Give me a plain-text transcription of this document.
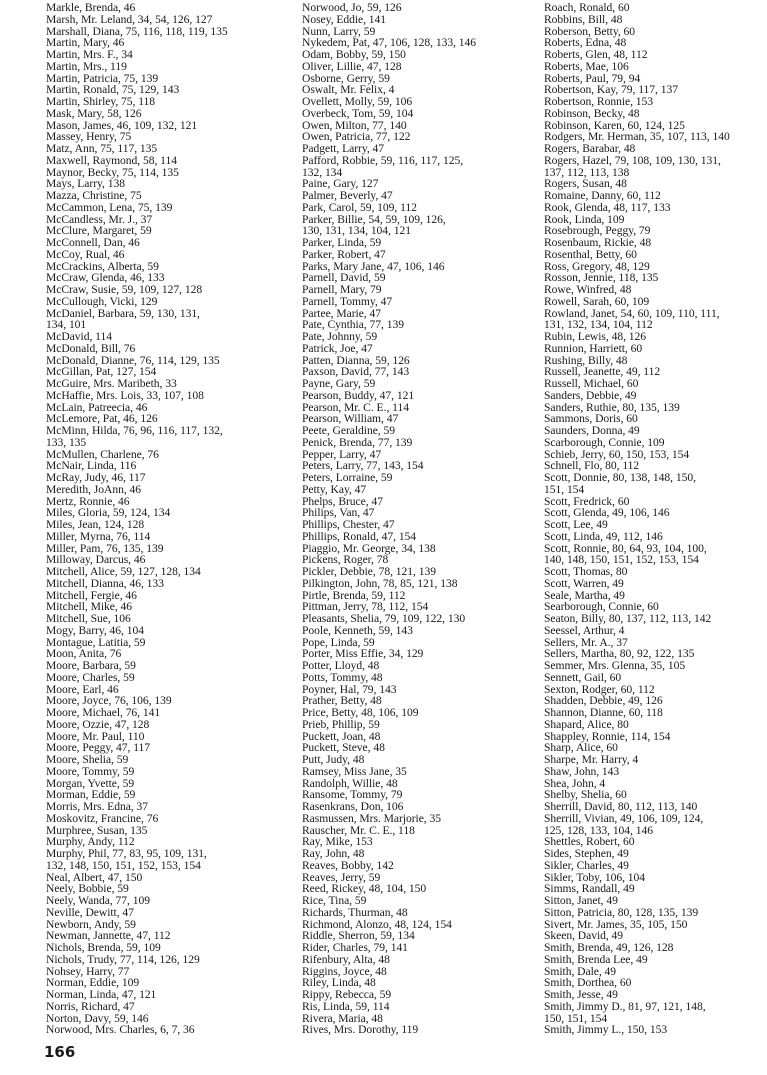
Markle, Brenda, 46
Marsh, Mr. Leland, 34, 54, 126, 127
Marshall, Diana, 75, 116, 118, 119, 135
Martin, Mary, 46
Martin, Mrs. F., 34
Martin, Mrs., 119
Martin, Patricia, 75, 139
Martin, Ronald, 75, 129, 143
Martin, Shirley, 75, 118
Mask, Mary, 58, 126
Mason, James, 46, 109, 132, 121
Massey, Henry, 75
Matz, Ann, 75, 117, 135
Maxwell, Raymond, 58, 114
Maynor, Becky, 75, 114, 135
Mays, Larry, 138
Mazza, Christine, 75
McCammon, Lena, 75, 139
McCandless, Mr. J., 37
McClure, Margaret, 59
McConnell, Dan, 46
McCoy, Rual, 46
McCrackins, Alberta, 59
McCraw, Glenda, 46, 133
McCraw, Susie, 59, 109, 127, 128
McCullough, Vicki, 129
McDaniel, Barbara, 59, 130, 131,
134, 101
McDavid, 114
McDonald, Bill, 76
McDonald, Dianne, 76, 114, 129, 135
McGillan, Pat, 127, 154
McGuire, Mrs. Maribeth, 33
McHaffie, Mrs. Lois, 33, 107, 108
McLain, Patreecia, 46
McLemore, Pat, 46, 126
McMinn, Hilda, 76, 96, 116, 117, 132,
133, 135
McMullen, Charlene, 76
McNair, Linda, 116
McRay, Judy, 46, 117
Meredith, JoAnn, 46
Mertz, Ronnie, 46
Miles, Gloria, 59, 124, 134
Miles, Jean, 124, 128
Miller, Myrna, 76, 114
Miller, Pam, 76, 135, 139
Milloway, Darcus, 46
Mitchell, Alice, 59, 127, 128, 134
Mitchell, Dianna, 46, 133
Mitchell, Fergie, 46
Mitchell, Mike, 46
Mitchell, Sue, 106
Mogy, Barry, 46, 104
Montague, Latitia, 59
Moon, Anita, 76
Moore, Barbara, 59
Moore, Charles, 59
Moore, Earl, 46
Moore, Joyce, 76, 106, 139
Moore, Michael, 76, 141
Moore, Ozzie, 47, 128
Moore, Mr. Paul, 110
Moore, Peggy, 47, 117
Moore, Shelia, 59
Moore, Tommy, 59
Morgan, Yvette, 59
Morman, Eddie, 59
Morris, Mrs. Edna, 37
Moskovitz, Francine, 76
Murphree, Susan, 135
Murphy, Andy, 112
Murphy, Phil, 77, 83, 95, 109, 131,
132, 148, 150, 151, 152, 153, 154
Neal, Albert, 47, 150
Neely, Bobbie, 59
Neely, Wanda, 77, 109
Neville, Dewitt, 47
Newborn, Andy, 59
Newman, Jannette, 47, 112
Nichols, Brenda, 59, 109
Nichols, Trudy, 77, 114, 126, 129
Nohsey, Harry, 77
Norman, Eddie, 109
Norman, Linda, 47, 121
Norris, Richard, 47
Norton, Davy, 59, 146
Norwood, Mrs. Charles, 6, 7, 36
Norwood, Jo, 59, 126
Nosey, Eddie, 141
Nunn, Larry, 59
Nykedem, Pat, 47, 106, 128, 133, 146
Odam, Bobby, 59, 150
Oliver, Lillie, 47, 128
Osborne, Gerry, 59
Oswalt, Mr. Felix, 4
Ovellett, Molly, 59, 106
Overbeck, Tom, 59, 104
Owen, Milton, 77, 140
Owen, Patricia, 77, 122
Padgett, Larry, 47
Pafford, Robbie, 59, 116, 117, 125,
132, 134
Paine, Gary, 127
Palmer, Beverly, 47
Park, Carol, 59, 109, 112
Parker, Billie, 54, 59, 109, 126,
130, 131, 134, 104, 121
Parker, Linda, 59
Parker, Robert, 47
Parks, Mary Jane, 47, 106, 146
Parnell, David, 59
Parnell, Mary, 79
Parnell, Tommy, 47
Partee, Marie, 47
Pate, Cynthia, 77, 139
Pate, Johnny, 59
Patrick, Joe, 47
Patten, Dianna, 59, 126
Paxson, David, 77, 143
Payne, Gary, 59
Pearson, Buddy, 47, 121
Pearson, Mr. C. E., 114
Pearson, William, 47
Peete, Geraldine, 59
Penick, Brenda, 77, 139
Pepper, Larry, 47
Peters, Larry, 77, 143, 154
Peters, Lorraine, 59
Petty, Kay, 47
Phelps, Bruce, 47
Philips, Van, 47
Phillips, Chester, 47
Phillips, Ronald, 47, 154
Piaggio, Mr. George, 34, 138
Pickens, Roger, 78
Pickler, Debbie, 78, 121, 139
Pilkington, John, 78, 85, 121, 138
Pirtle, Brenda, 59, 112
Pittman, Jerry, 78, 112, 154
Pleasants, Shelia, 79, 109, 122, 130
Poole, Kenneth, 59, 143
Pope, Linda, 59
Porter, Miss Effie, 34, 129
Potter, Lloyd, 48
Potts, Tommy, 48
Poyner, Hal, 79, 143
Prather, Betty, 48
Price, Betty, 48, 106, 109
Prieb, Phillip, 59
Puckett, Joan, 48
Puckett, Steve, 48
Putt, Judy, 48
Ramsey, Miss Jane, 35
Randolph, Willie, 48
Ransome, Tommy, 79
Rasenkrans, Don, 106
Rasmussen, Mrs. Marjorie, 35
Rauscher, Mr. C. E., 118
Ray, Mike, 153
Ray, John, 48
Reaves, Bobby, 142
Reaves, Jerry, 59
Reed, Rickey, 48, 104, 150
Rice, Tina, 59
Richards, Thurman, 48
Richmond, Alonzo, 48, 124, 154
Riddle, Sherron, 59, 134
Rider, Charles, 79, 141
Rifenbury, Alta, 48
Riggins, Joyce, 48
Riley, Linda, 48
Rippy, Rebecca, 59
Ris, Linda, 59, 114
Rivera, Maria, 48
Rives, Mrs. Dorothy, 119
Roach, Ronald, 60
Robbins, Bill, 48
Roberson, Betty, 60
Roberts, Edna, 48
Roberts, Glen, 48, 112
Roberts, Mae, 106
Roberts, Paul, 79, 94
Robertson, Kay, 79, 117, 137
Robertson, Ronnie, 153
Robinson, Becky, 48
Robinson, Karen, 60, 124, 125
Rodgers, Mr. Herman, 35, 107, 113, 140
Rogers, Barabar, 48
Rogers, Hazel, 79, 108, 109, 130, 131,
137, 112, 113, 138
Rogers, Susan, 48
Romaine, Danny, 60, 112
Rook, Glenda, 48, 117, 133
Rook, Linda, 109
Rosebrough, Peggy, 79
Rosenbaum, Rickie, 48
Rosenthal, Betty, 60
Ross, Gregory, 48, 129
Rosson, Jennie, 118, 135
Rowe, Winfred, 48
Rowell, Sarah, 60, 109
Rowland, Janet, 54, 60, 109, 110, 111,
131, 132, 134, 104, 112
Rubin, Lewis, 48, 126
Runnion, Harriett, 60
Rushing, Billy, 48
Russell, Jeanette, 49, 112
Russell, Michael, 60
Sanders, Debbie, 49
Sanders, Ruthie, 80, 135, 139
Sammons, Doris, 60
Saunders, Donna, 49
Scarborough, Connie, 109
Schieb, Jerry, 60, 150, 153, 154
Schnell, Flo, 80, 112
Scott, Donnie, 80, 138, 148, 150,
151, 154
Scott, Fredrick, 60
Scott, Glenda, 49, 106, 146
Scott, Lee, 49
Scott, Linda, 49, 112, 146
Scott, Ronnie, 80, 64, 93, 104, 100,
140, 148, 150, 151, 152, 153, 154
Scott, Thomas, 80
Scott, Warren, 49
Seale, Martha, 49
Searborough, Connie, 60
Seaton, Billy, 80, 137, 112, 113, 142
Seessel, Arthur, 4
Sellers, Mr. A., 37
Sellers, Martha, 80, 92, 122, 135
Semmer, Mrs. Glenna, 35, 105
Sennett, Gail, 60
Sexton, Rodger, 60, 112
Shadden, Debbie, 49, 126
Shannon, Dianne, 60, 118
Shapard, Alice, 80
Shappley, Ronnie, 114, 154
Sharp, Alice, 60
Sharpe, Mr. Harry, 4
Shaw, John, 143
Shea, John, 4
Shelby, Shelia, 60
Sherrill, David, 80, 112, 113, 140
Sherrill, Vivian, 49, 106, 109, 124,
125, 128, 133, 104, 146
Shettles, Robert, 60
Sides, Stephen, 49
Sikler, Charles, 49
Sikler, Toby, 106, 104
Simms, Randall, 49
Sitton, Janet, 49
Sitton, Patricia, 80, 128, 135, 139
Sivert, Mr. James, 35, 105, 150
Skeen, David, 49
Smith, Brenda, 49, 126, 128
Smith, Brenda Lee, 49
Smith, Dale, 49
Smith, Dorthea, 60
Smith, Jesse, 49
Smith, Jimmy D., 81, 97, 121, 148,
150, 151, 154
Smith, Jimmy L., 150, 153
166
